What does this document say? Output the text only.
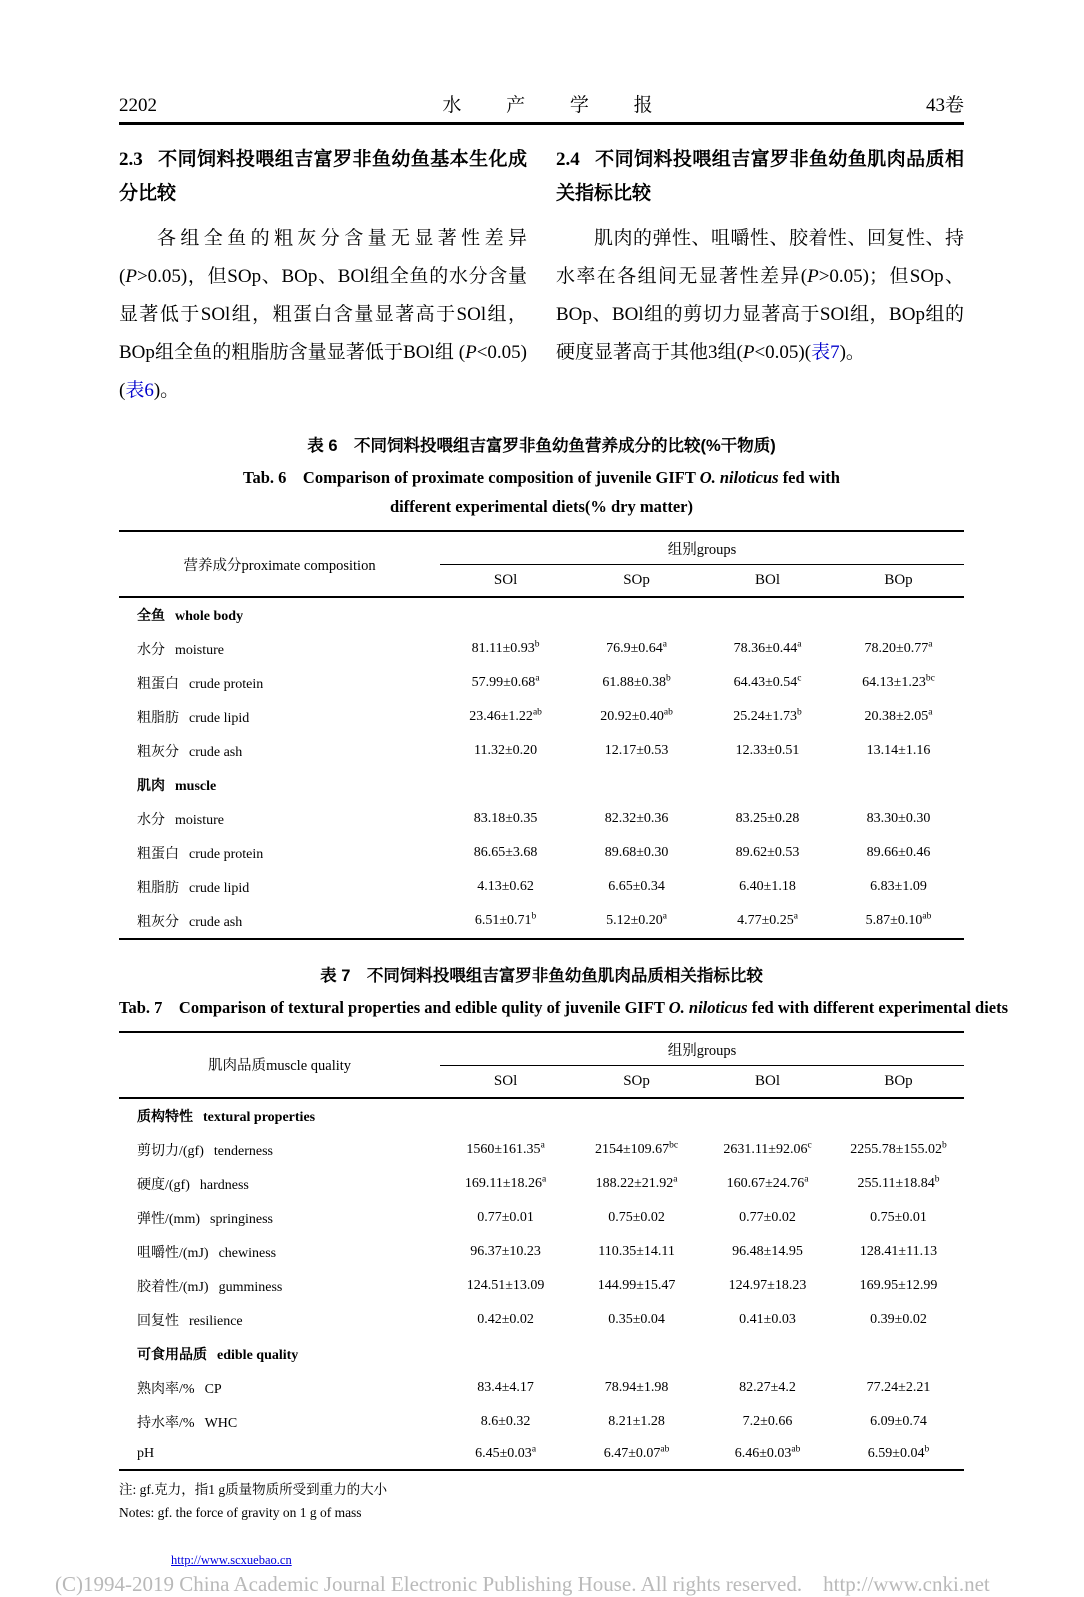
2202	水 产 学 报	43卷
2.3 不同饲料投喂组吉富罗非鱼幼鱼基本生化成分比较

各组全鱼的粗灰分含量无显著性差异(P>0.05)，但SOp、BOp、BOl组全鱼的水分含量显著低于SOl组，粗蛋白含量显著高于SOl组，BOp组全鱼的粗脂肪含量显著低于BOl组 (P<0.05)(表6)。

2.4 不同饲料投喂组吉富罗非鱼幼鱼肌肉品质相关指标比较

肌肉的弹性、咀嚼性、胶着性、回复性、持水率在各组间无显著性差异(P>0.05)；但SOp、BOp、BOl组的剪切力显著高于SOl组，BOp组的硬度显著高于其他3组(P<0.05)(表7)。

表 6　不同饲料投喂组吉富罗非鱼幼鱼营养成分的比较(%干物质)
Tab. 6　Comparison of proximate composition of juvenile GIFT O. niloticus fed with
different experimental diets(% dry matter)
营养成分proximate composition	组别groups			
	SOl	SOp	BOl	BOp
全鱼 whole body				
水分 moisture	81.11±0.93$^b$	76.9±0.64$^a$	78.36±0.44$^a$	78.20±0.77$^a$
粗蛋白 crude protein	57.99±0.68$^a$	61.88±0.38$^b$	64.43±0.54$^c$	64.13±1.23$^{bc}$
粗脂肪 crude lipid	23.46±1.22$^{ab}$	20.92±0.40$^{ab}$	25.24±1.73$^b$	20.38±2.05$^a$
粗灰分 crude ash	11.32±0.20	12.17±0.53	12.33±0.51	13.14±1.16
肌肉 muscle				
水分 moisture	83.18±0.35	82.32±0.36	83.25±0.28	83.30±0.30
粗蛋白 crude protein	86.65±3.68	89.68±0.30	89.62±0.53	89.66±0.46
粗脂肪 crude lipid	4.13±0.62	6.65±0.34	6.40±1.18	6.83±1.09
粗灰分 crude ash	6.51±0.71$^b$	5.12±0.20$^a$	4.77±0.25$^a$	5.87±0.10$^{ab}$
表 7　不同饲料投喂组吉富罗非鱼幼鱼肌肉品质相关指标比较
Tab. 7　Comparison of textural properties and edible qulity of juvenile GIFT O. niloticus fed with different experimental diets
肌肉品质muscle quality	组别groups			
	SOl	SOp	BOl	BOp
质构特性 textural properties				
剪切力/(gf) tenderness	1560±161.35$^a$	2154±109.67$^{bc}$	2631.11±92.06$^c$	2255.78±155.02$^b$
硬度/(gf) hardness	169.11±18.26$^a$	188.22±21.92$^a$	160.67±24.76$^a$	255.11±18.84$^b$
弹性/(mm) springiness	0.77±0.01	0.75±0.02	0.77±0.02	0.75±0.01
咀嚼性/(mJ) chewiness	96.37±10.23	110.35±14.11	96.48±14.95	128.41±11.13
胶着性/(mJ) gumminess	124.51±13.09	144.99±15.47	124.97±18.23	169.95±12.99
回复性 resilience	0.42±0.02	0.35±0.04	0.41±0.03	0.39±0.02
可食用品质 edible quality				
熟肉率/% CP	83.4±4.17	78.94±1.98	82.27±4.2	77.24±2.21
持水率/% WHC	8.6±0.32	8.21±1.28	7.2±0.66	6.09±0.74
pH	6.45±0.03$^a$	6.47±0.07$^{ab}$	6.46±0.03$^{ab}$	6.59±0.04$^b$
注: gf.克力，指1 g质量物质所受到重力的大小
Notes: gf. the force of gravity on 1 g of mass
http://www.scxuebao.cn
(C)1994-2019 China Academic Journal Electronic Publishing House. All rights reserved.    http://www.cnki.net
